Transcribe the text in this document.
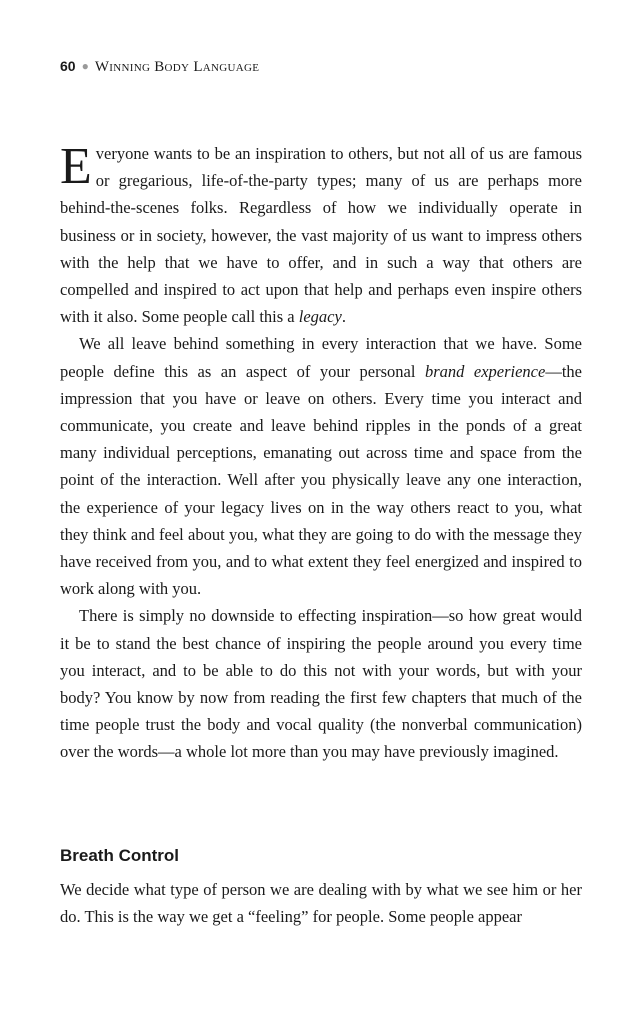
60 ● Winning Body Language

Everyone wants to be an inspiration to others, but not all of us are famous or gregarious, life-of-the-party types; many of us are perhaps more behind-the-scenes folks. Regardless of how we individually operate in business or in society, however, the vast majority of us want to impress others with the help that we have to offer, and in such a way that others are compelled and inspired to act upon that help and perhaps even inspire others with it also. Some people call this a legacy.

We all leave behind something in every interaction that we have. Some people define this as an aspect of your personal brand experience—the impression that you have or leave on others. Every time you interact and communicate, you create and leave behind ripples in the ponds of a great many individual perceptions, emanating out across time and space from the point of the interaction. Well after you physically leave any one interaction, the experience of your legacy lives on in the way others react to you, what they think and feel about you, what they are going to do with the message they have received from you, and to what extent they feel energized and inspired to work along with you.

There is simply no downside to effecting inspiration—so how great would it be to stand the best chance of inspiring the people around you every time you interact, and to be able to do this not with your words, but with your body? You know by now from reading the first few chapters that much of the time people trust the body and vocal quality (the nonverbal communication) over the words—a whole lot more than you may have previously imagined.

Breath Control

We decide what type of person we are dealing with by what we see him or her do. This is the way we get a “feeling” for people. Some people appear
